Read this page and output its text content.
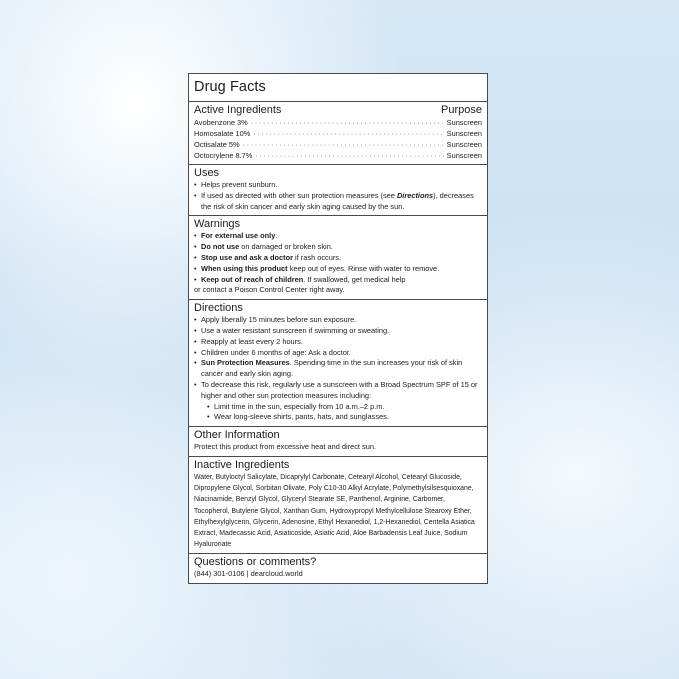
Drug Facts
Active Ingredients	Purpose
Avobenzone 3% ·····	Sunscreen
Homosalate 10% ·····	Sunscreen
Octisalate 5% ·····	Sunscreen
Octocrylene 8.7% ·····	Sunscreen
Uses
• Helps prevent sunburn.
• If used as directed with other sun protection measures (see Directions), decreases the risk of skin cancer and early skin aging caused by the sun.
Warnings
• For external use only.
• Do not use on damaged or broken skin.
• Stop use and ask a doctor if rash occurs.
• When using this product keep out of eyes. Rinse with water to remove.
• Keep out of reach of children. If swallowed, get medical help
or contact a Poison Control Center right away.
Directions
• Apply liberally 15 minutes before sun exposure.
• Use a water resistant sunscreen if swimming or sweating.
• Reapply at least every 2 hours.
• Children under 6 months of age: Ask a doctor.
• Sun Protection Measures. Spending time in the sun increases your risk of skin cancer and early skin aging.
• To decrease this risk, regularly use a sunscreen with a Broad Spectrum SPF of 15 or higher and other sun protection measures including:
• Limit time in the sun, especially from 10 a.m.–2 p.m.
• Wear long-sleeve shirts, pants, hats, and sunglasses.
Other Information
Protect this product from excessive heat and direct sun.
Inactive Ingredients
Water, Butyloctyl Salicylate, Dicaprylyl Carbonate, Cetearyl Alcohol, Cetearyl Glucoside, Dipropylene Glycol, Sorbitan Olivate, Poly C10-30 Alkyl Acrylate, Polymethylsilsesquioxane, Niacinamide, Benzyl Glycol, Glyceryl Stearate SE, Panthenol, Arginine, Carbomer, Tocopherol, Butylene Glycol, Xanthan Gum, Hydroxypropyl Methylcellulose Stearoxy Ether, Ethylhexylglycerin, Glycerin, Adenosine, Ethyl Hexanediol, 1,2-Hexanediol, Centella Asiatica Extract, Madecassic Acid, Asiaticoside, Asiatic Acid, Aloe Barbadensis Leaf Juice, Sodium Hyaluronate
Questions or comments?
(844) 301-0106 | dearcloud.world
